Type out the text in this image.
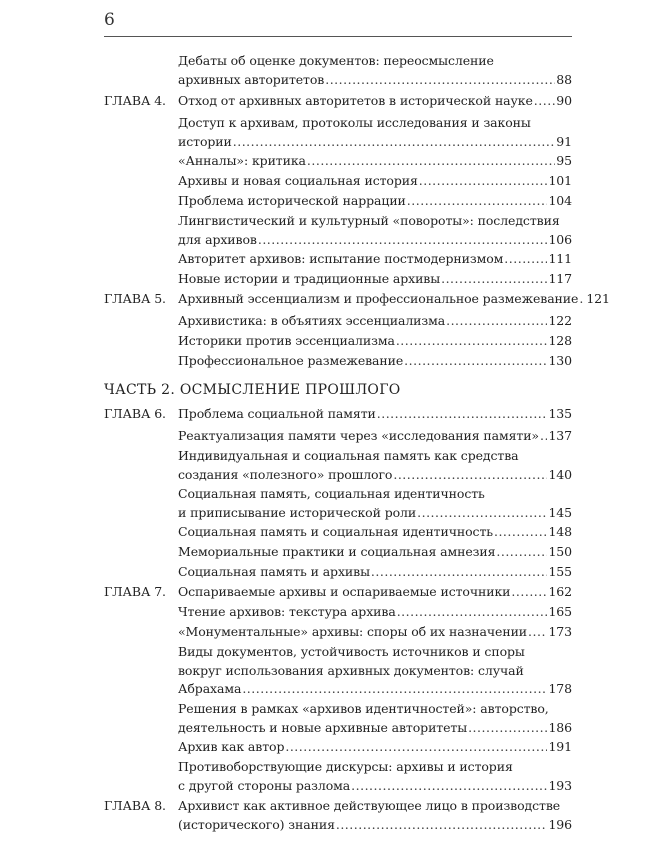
6
Дебаты об оценке документов: переосмысление
архивных авторитетов .....	88
ГЛАВА 4. Отход от архивных авторитетов в исторической науке ..... 90
Доступ к архивам, протоколы исследования и законы
истории .....	91
«Анналы»: критика .....	95
Архивы и новая социальная история .....	101
Проблема исторической наррации .....	104
Лингвистический и культурный «повороты»: последствия
для архивов .....	106
Авторитет архивов: испытание постмодернизмом .....	111
Новые истории и традиционные архивы .....	117
ГЛАВА 5. Архивный эссенциализм и профессиональное размежевание ..... 121
Архивистика: в объятиях эссенциализма .....	122
Историки против эссенциализма .....	128
Профессиональное размежевание .....	130
ГЛАВА 6. Проблема социальной памяти .....	135
Реактуализация памяти через «исследования памяти» ..... 137
Индивидуальная и социальная память как средства
создания «полезного» прошлого .....	140
Социальная память, социальная идентичность
и приписывание исторической роли .....	145
Социальная память и социальная идентичность .....	148
Мемориальные практики и социальная амнезия .....	150
Социальная память и архивы .....	155
ГЛАВА 7. Оспариваемые архивы и оспариваемые источники .....	162
Чтение архивов: текстура архива .....	165
«Монументальные» архивы: споры об их назначении ..... 173
Виды документов, устойчивость источников и споры
вокруг использования архивных документов: случай
Абрахама .....	178
Решения в рамках «архивов идентичностей»: авторство,
деятельность и новые архивные авторитеты .....	186
Архив как автор .....	191
Противоборствующие дискурсы: архивы и история
с другой стороны разлома .....	193
ГЛАВА 8. Архивист как активное действующее лицо в производстве
(исторического) знания .....	196
ЧАСТЬ 2. ОСМЫСЛЕНИЕ ПРОШЛОГО
